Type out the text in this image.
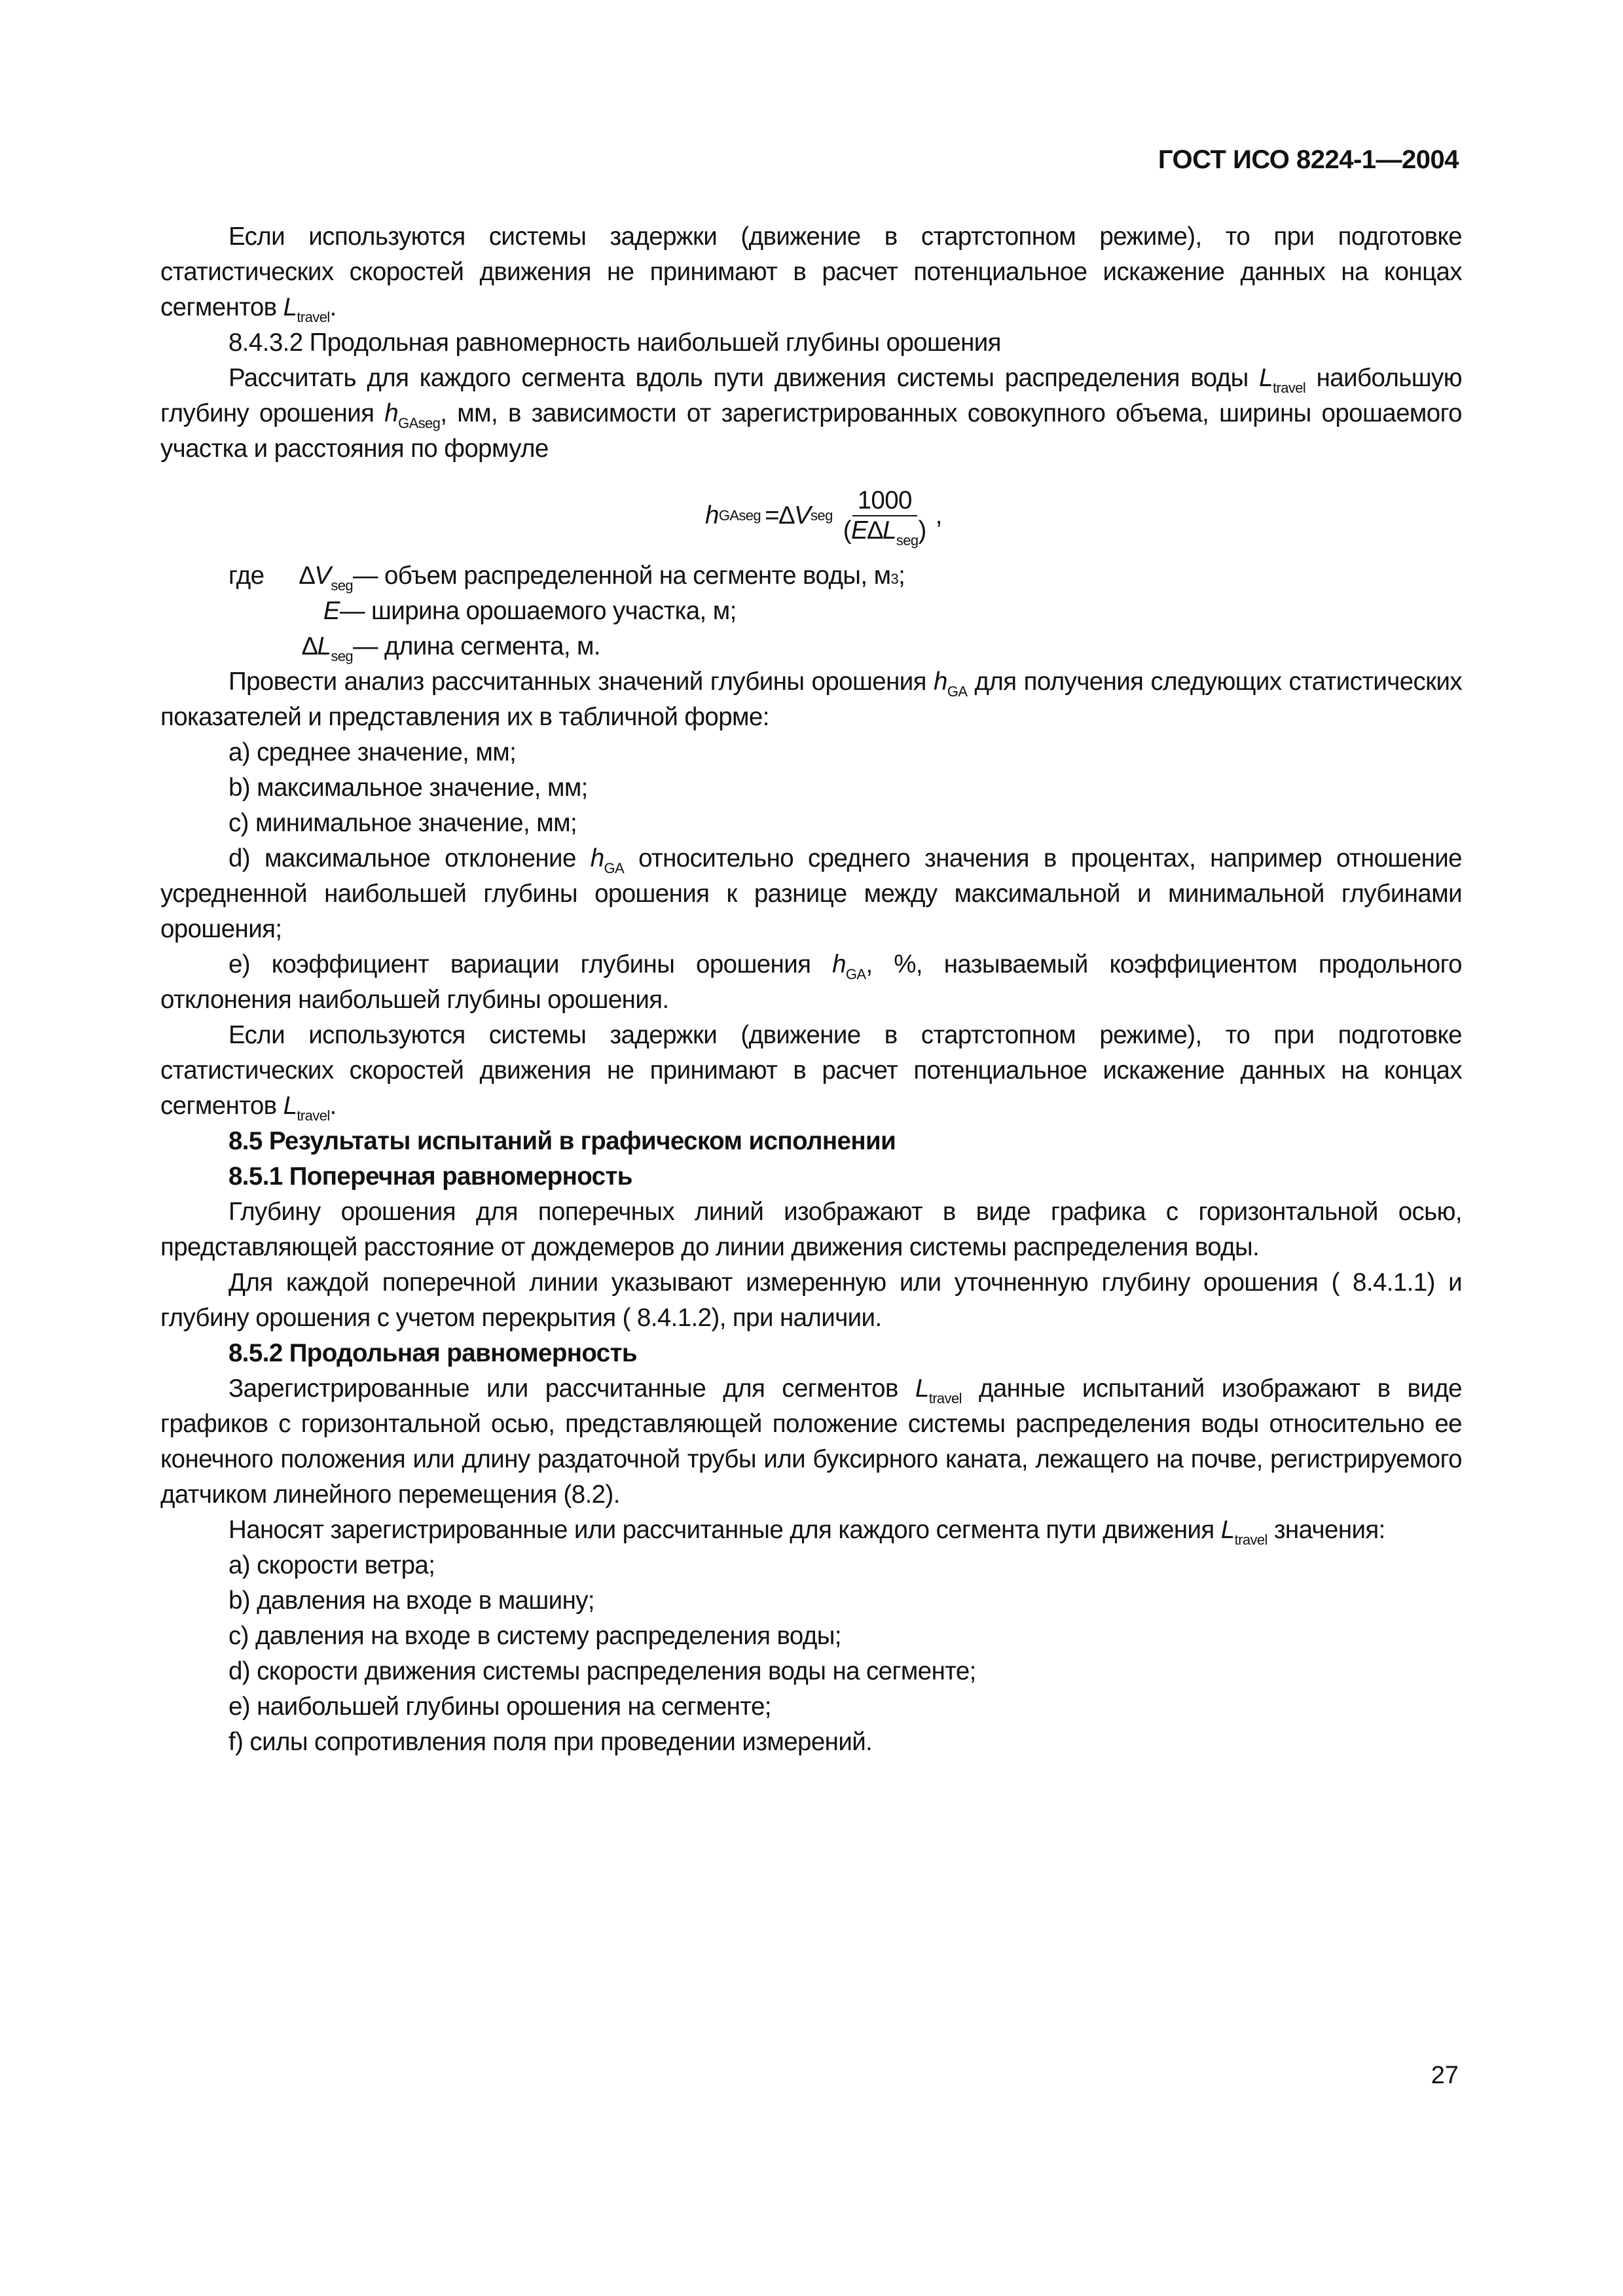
ГОСТ ИСО 8224-1—2004

Если используются системы задержки (движение в стартстопном режиме), то при подготовке статистических скоростей движения не принимают в расчет потенциальное искажение данных на концах сегментов $L_{travel}$.

8.4.3.2 Продольная равномерность наибольшей глубины орошения

Рассчитать для каждого сегмента вдоль пути движения системы распределения воды $L_{travel}$ наибольшую глубину орошения $h_{GAseg}$, мм, в зависимости от зарегистрированных совокупного объема, ширины орошаемого участка и расстояния по формуле

h GAseg = ∆ V seg $\frac{1000}{(E\Delta L_{seg})}$ ,
где	$\Delta V_{seg}$ — объем распределенной на сегменте воды, м 3 ;
E — ширина орошаемого участка, м;
$\Delta L_{seg}$ — длина сегмента, м.

Провести анализ рассчитанных значений глубины орошения $h_{GA}$ для получения следующих статистических показателей и представления их в табличной форме:

a) среднее значение, мм;

b) максимальное значение, мм;

c) минимальное значение, мм;

d) максимальное отклонение $h_{GA}$ относительно среднего значения в процентах, например отношение усредненной наибольшей глубины орошения к разнице между максимальной и минимальной глубинами орошения;

e) коэффициент вариации глубины орошения $h_{GA}$, %, называемый коэффициентом продольного отклонения наибольшей глубины орошения.

Если используются системы задержки (движение в стартстопном режиме), то при подготовке статистических скоростей движения не принимают в расчет потенциальное искажение данных на концах сегментов $L_{travel}$.

8.5 Результаты испытаний в графическом исполнении

8.5.1 Поперечная равномерность

Глубину орошения для поперечных линий изображают в виде графика с горизонтальной осью, представляющей расстояние от дождемеров до линии движения системы распределения воды.

Для каждой поперечной линии указывают измеренную или уточненную глубину орошения ( 8.4.1.1) и глубину орошения с учетом перекрытия ( 8.4.1.2), при наличии.

8.5.2 Продольная равномерность

Зарегистрированные или рассчитанные для сегментов $L_{travel}$ данные испытаний изображают в виде графиков с горизонтальной осью, представляющей положение системы распределения воды относительно ее конечного положения или длину раздаточной трубы или буксирного каната, лежащего на почве, регистрируемого датчиком линейного перемещения (8.2).

Наносят зарегистрированные или рассчитанные для каждого сегмента пути движения $L_{travel}$ значения:

a) скорости ветра;

b) давления на входе в машину;

c) давления на входе в систему распределения воды;

d) скорости движения системы распределения воды на сегменте;

e) наибольшей глубины орошения на сегменте;

f) силы сопротивления поля при проведении измерений.

27
